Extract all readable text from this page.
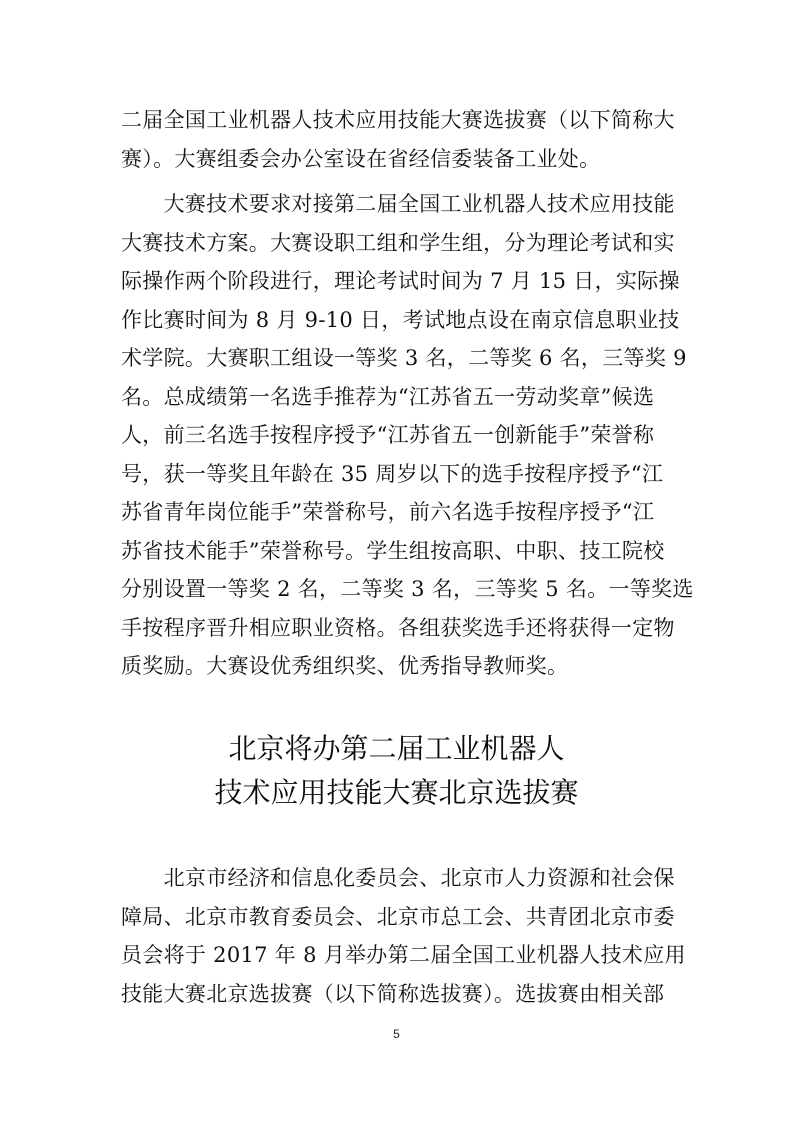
二届全国工业机器人技术应用技能大赛选拔赛（以下简称大
赛）。大赛组委会办公室设在省经信委装备工业处。

　　大赛技术要求对接第二届全国工业机器人技术应用技能
大赛技术方案。大赛设职工组和学生组，分为理论考试和实
际操作两个阶段进行，理论考试时间为 7 月 15 日，实际操
作比赛时间为 8 月 9-10 日，考试地点设在南京信息职业技
术学院。大赛职工组设一等奖 3 名，二等奖 6 名，三等奖 9
名。总成绩第一名选手推荐为“江苏省五一劳动奖章”候选
人，前三名选手按程序授予“江苏省五一创新能手”荣誉称
号，获一等奖且年龄在 35 周岁以下的选手按程序授予“江
苏省青年岗位能手”荣誉称号，前六名选手按程序授予“江
苏省技术能手”荣誉称号。学生组按高职、中职、技工院校
分别设置一等奖 2 名，二等奖 3 名，三等奖 5 名。一等奖选
手按程序晋升相应职业资格。各组获奖选手还将获得一定物
质奖励。大赛设优秀组织奖、优秀指导教师奖。

北京将办第二届工业机器人
技术应用技能大赛北京选拔赛

　　北京市经济和信息化委员会、北京市人力资源和社会保
障局、北京市教育委员会、北京市总工会、共青团北京市委
员会将于 2017 年 8 月举办第二届全国工业机器人技术应用
技能大赛北京选拔赛（以下简称选拔赛）。选拔赛由相关部

5
